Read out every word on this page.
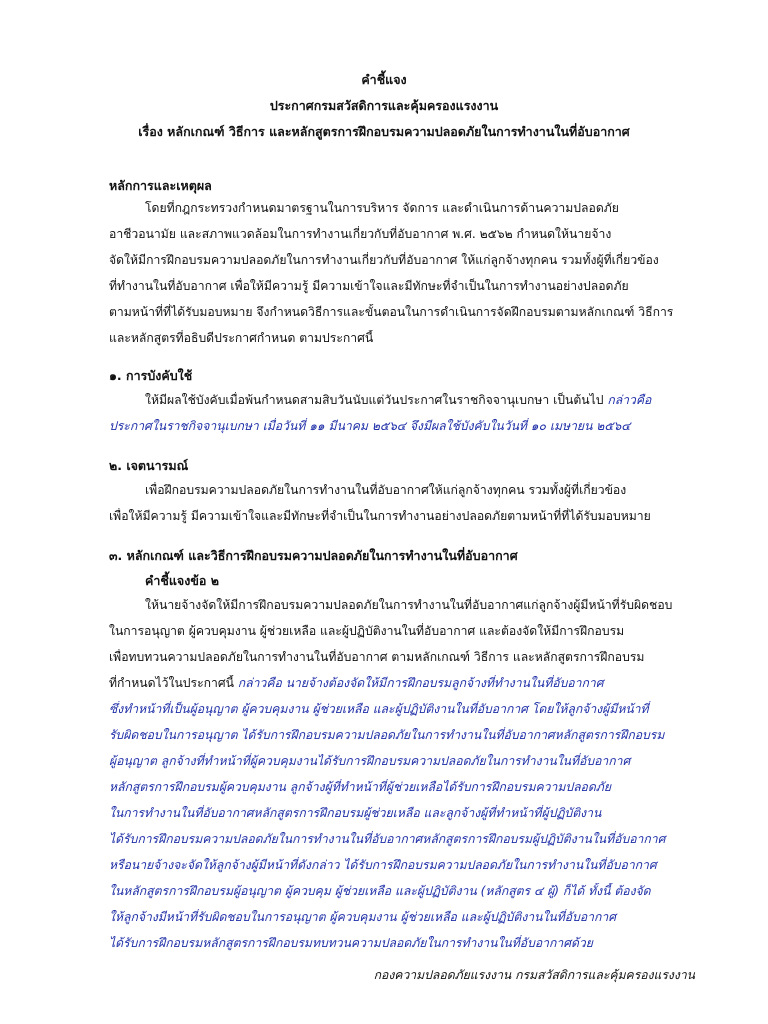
คำชี้แจง
ประกาศกรมสวัสดิการและคุ้มครองแรงงาน
เรื่อง หลักเกณฑ์ วิธีการ และหลักสูตรการฝึกอบรมความปลอดภัยในการทำงานในที่อับอากาศ
หลักการและเหตุผล
โดยที่กฎกระทรวงกำหนดมาตรฐานในการบริหาร จัดการ และดำเนินการด้านความปลอดภัย
อาชีวอนามัย และสภาพแวดล้อมในการทำงานเกี่ยวกับที่อับอากาศ พ.ศ. ๒๕๖๒ กำหนดให้นายจ้าง
จัดให้มีการฝึกอบรมความปลอดภัยในการทำงานเกี่ยวกับที่อับอากาศ ให้แก่ลูกจ้างทุกคน รวมทั้งผู้ที่เกี่ยวข้อง
ที่ทำงานในที่อับอากาศ เพื่อให้มีความรู้ มีความเข้าใจและมีทักษะที่จำเป็นในการทำงานอย่างปลอดภัย
ตามหน้าที่ที่ได้รับมอบหมาย จึงกำหนดวิธีการและขั้นตอนในการดำเนินการจัดฝึกอบรมตามหลักเกณฑ์ วิธีการ
และหลักสูตรที่อธิบดีประกาศกำหนด ตามประกาศนี้
๑. การบังคับใช้
ให้มีผลใช้บังคับเมื่อพ้นกำหนดสามสิบวันนับแต่วันประกาศในราชกิจจานุเบกษา เป็นต้นไป กล่าวคือ
ประกาศในราชกิจจานุเบกษา เมื่อวันที่ ๑๑ มีนาคม ๒๕๖๔ จึงมีผลใช้บังคับในวันที่ ๑๐ เมษายน ๒๕๖๔
๒. เจตนารมณ์
เพื่อฝึกอบรมความปลอดภัยในการทำงานในที่อับอากาศให้แก่ลูกจ้างทุกคน รวมทั้งผู้ที่เกี่ยวข้อง
เพื่อให้มีความรู้ มีความเข้าใจและมีทักษะที่จำเป็นในการทำงานอย่างปลอดภัยตามหน้าที่ที่ได้รับมอบหมาย
๓. หลักเกณฑ์ และวิธีการฝึกอบรมความปลอดภัยในการทำงานในที่อับอากาศ
คำชี้แจงข้อ ๒
ให้นายจ้างจัดให้มีการฝึกอบรมความปลอดภัยในการทำงานในที่อับอากาศแก่ลูกจ้างผู้มีหน้าที่รับผิดชอบ
ในการอนุญาต ผู้ควบคุมงาน ผู้ช่วยเหลือ และผู้ปฏิบัติงานในที่อับอากาศ และต้องจัดให้มีการฝึกอบรม
เพื่อทบทวนความปลอดภัยในการทำงานในที่อับอากาศ ตามหลักเกณฑ์ วิธีการ และหลักสูตรการฝึกอบรม
ที่กำหนดไว้ในประกาศนี้ กล่าวคือ นายจ้างต้องจัดให้มีการฝึกอบรมลูกจ้างที่ทำงานในที่อับอากาศ
ซึ่งทำหน้าที่เป็นผู้อนุญาต ผู้ควบคุมงาน ผู้ช่วยเหลือ และผู้ปฏิบัติงานในที่อับอากาศ โดยให้ลูกจ้างผู้มีหน้าที่
รับผิดชอบในการอนุญาต ได้รับการฝึกอบรมความปลอดภัยในการทำงานในที่อับอากาศหลักสูตรการฝึกอบรม
ผู้อนุญาต ลูกจ้างที่ทำหน้าที่ผู้ควบคุมงานได้รับการฝึกอบรมความปลอดภัยในการทำงานในที่อับอากาศ
หลักสูตรการฝึกอบรมผู้ควบคุมงาน ลูกจ้างผู้ที่ทำหน้าที่ผู้ช่วยเหลือได้รับการฝึกอบรมความปลอดภัย
ในการทำงานในที่อับอากาศหลักสูตรการฝึกอบรมผู้ช่วยเหลือ และลูกจ้างผู้ที่ทำหน้าที่ผู้ปฏิบัติงาน
ได้รับการฝึกอบรมความปลอดภัยในการทำงานในที่อับอากาศหลักสูตรการฝึกอบรมผู้ปฏิบัติงานในที่อับอากาศ
หรือนายจ้างจะจัดให้ลูกจ้างผู้มีหน้าที่ดังกล่าว ได้รับการฝึกอบรมความปลอดภัยในการทำงานในที่อับอากาศ
ในหลักสูตรการฝึกอบรมผู้อนุญาต ผู้ควบคุม ผู้ช่วยเหลือ และผู้ปฏิบัติงาน (หลักสูตร ๔ ผู้) ก็ได้ ทั้งนี้ ต้องจัด
ให้ลูกจ้างมีหน้าที่รับผิดชอบในการอนุญาต ผู้ควบคุมงาน ผู้ช่วยเหลือ และผู้ปฏิบัติงานในที่อับอากาศ
ได้รับการฝึกอบรมหลักสูตรการฝึกอบรมทบทวนความปลอดภัยในการทำงานในที่อับอากาศด้วย
กองความปลอดภัยแรงงาน กรมสวัสดิการและคุ้มครองแรงงาน
